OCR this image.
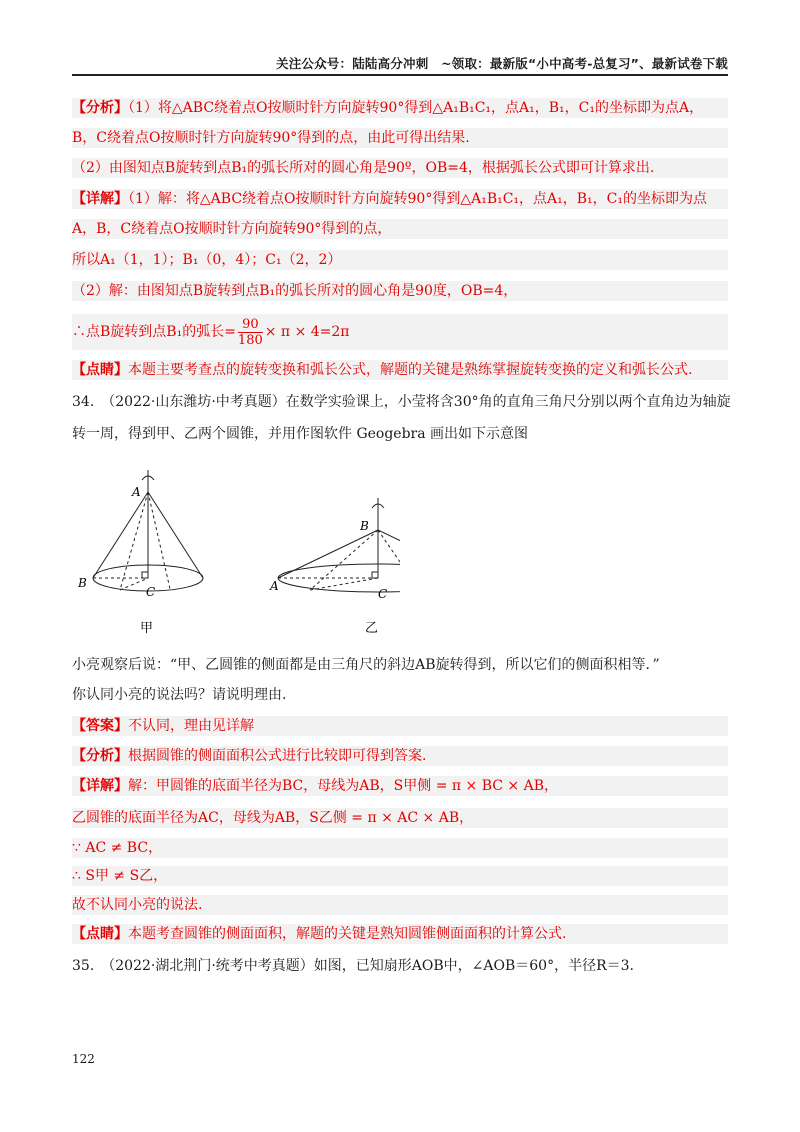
关注公众号：陆陆高分冲刺　~领取：最新版“小中高考-总复习”、最新试卷下载
【分析】（1）将△ABC绕着点O按顺时针方向旋转90°得到△A₁B₁C₁，点A₁，B₁，C₁的坐标即为点A，
B，C绕着点O按顺时针方向旋转90°得到的点，由此可得出结果.
（2）由图知点B旋转到点B₁的弧长所对的圆心角是90º，OB=4，根据弧长公式即可计算求出.
【详解】（1）解：将△ABC绕着点O按顺时针方向旋转90°得到△A₁B₁C₁，点A₁，B₁，C₁的坐标即为点
A，B，C绕着点O按顺时针方向旋转90°得到的点，
所以A₁（1，1）；B₁（0，4）；C₁（2，2）
（2）解：由图知点B旋转到点B₁的弧长所对的圆心角是90度，OB=4，
∴点B旋转到点B₁的弧长= $\frac{90}{180} \times \pi \times 4=2\pi$
【点睛】本题主要考查点的旋转变换和弧长公式，解题的关键是熟练掌握旋转变换的定义和弧长公式.
34.　（2022·山东潍坊·中考真题）在数学实验课上，小莹将含30°角的直角三角尺分别以两个直角边为轴旋
转一周，得到甲、乙两个圆锥，并用作图软件 Geogebra 画出如下示意图
A
B
C
甲
B
A
C
乙
小亮观察后说：“甲、乙圆锥的侧面都是由三角尺的斜边AB旋转得到，所以它们的侧面积相等．”
你认同小亮的说法吗？请说明理由.
【答案】不认同，理由见详解
【分析】根据圆锥的侧面面积公式进行比较即可得到答案.
【详解】解：甲圆锥的底面半径为BC，母线为AB，S甲侧 = π × BC × AB，
乙圆锥的底面半径为AC，母线为AB，S乙侧 = π × AC × AB，
∵ AC ≠ BC，
∴ S甲 ≠ S乙，
故不认同小亮的说法.
【点睛】本题考查圆锥的侧面面积，解题的关键是熟知圆锥侧面面积的计算公式.
35.　（2022·湖北荆门·统考中考真题）如图，已知扇形AOB中，∠AOB＝60°，半径R＝3.
122
